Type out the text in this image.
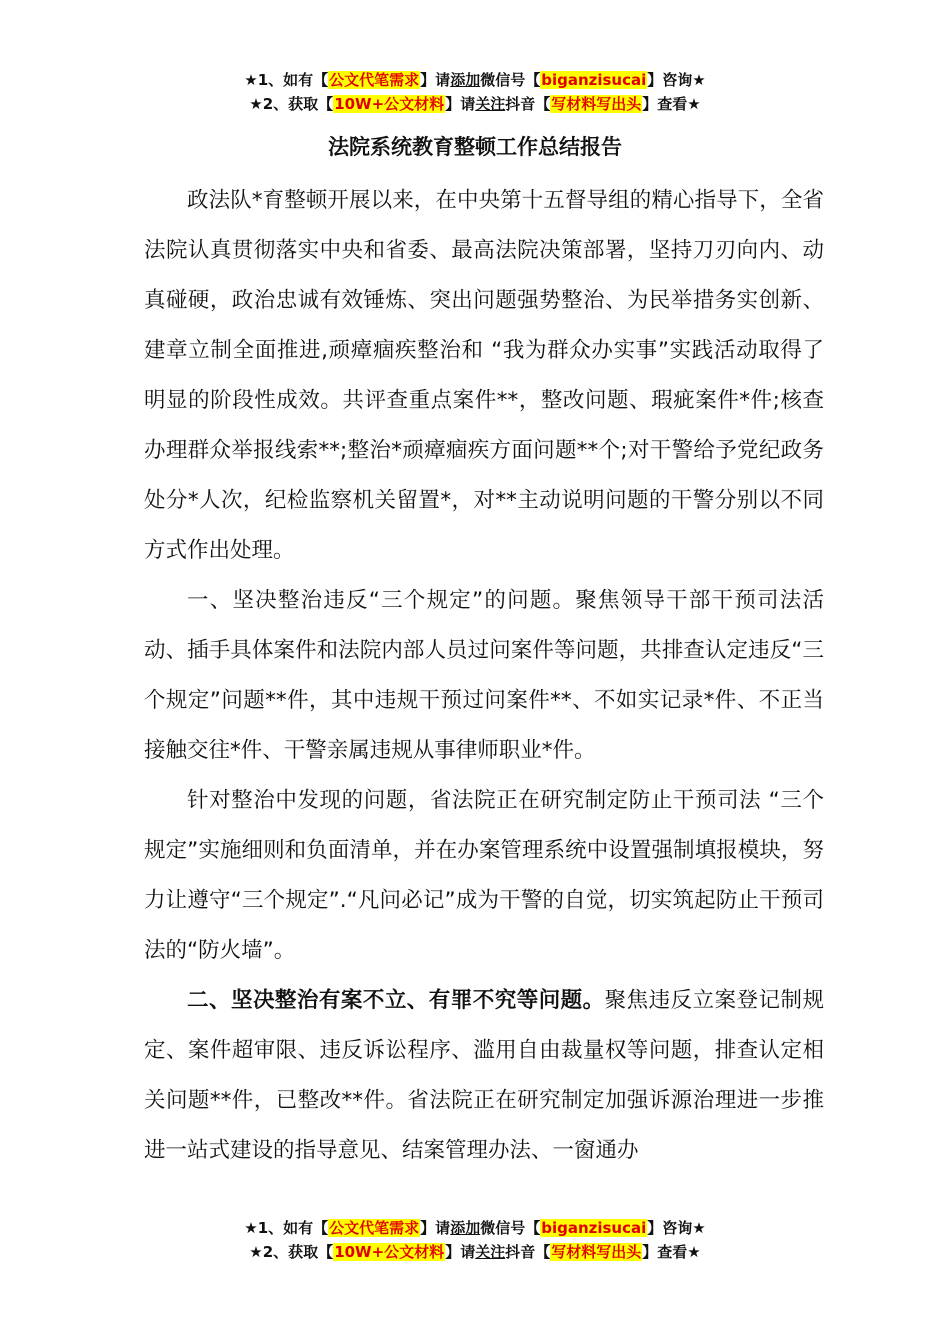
★1、如有【公文代笔需求】请添加微信号【biganzisucai】咨询★
★2、获取【10W+公文材料】请关注抖音【写材料写出头】查看★
法院系统教育整顿工作总结报告

政法队*育整顿开展以来，在中央第十五督导组的精心指导下，全省法院认真贯彻落实中央和省委、最高法院决策部署，坚持刀刃向内、动真碰硬，政治忠诚有效锤炼、突出问题强势整治、为民举措务实创新、建章立制全面推进,顽瘴痼疾整治和 “我为群众办实事”实践活动取得了明显的阶段性成效。共评查重点案件**，整改问题、瑕疵案件*件;核查办理群众举报线索**;整治*顽瘴痼疾方面问题**个;对干警给予党纪政务处分*人次，纪检监察机关留置*，对**主动说明问题的干警分别以不同方式作出处理。

一、坚决整治违反“三个规定”的问题。聚焦领导干部干预司法活动、插手具体案件和法院内部人员过问案件等问题，共排查认定违反“三个规定”问题**件，其中违规干预过问案件**、不如实记录*件、不正当接触交往*件、干警亲属违规从事律师职业*件。

针对整治中发现的问题，省法院正在研究制定防止干预司法 “三个规定”实施细则和负面清单，并在办案管理系统中设置强制填报模块，努力让遵守“三个规定”.“凡问必记”成为干警的自觉，切实筑起防止干预司法的“防火墙”。

二、坚决整治有案不立、有罪不究等问题。聚焦违反立案登记制规定、案件超审限、违反诉讼程序、滥用自由裁量权等问题，排查认定相关问题**件，已整改**件。省法院正在研究制定加强诉源治理进一步推进一站式建设的指导意见、结案管理办法、一窗通办

★1、如有【公文代笔需求】请添加微信号【biganzisucai】咨询★
★2、获取【10W+公文材料】请关注抖音【写材料写出头】查看★
